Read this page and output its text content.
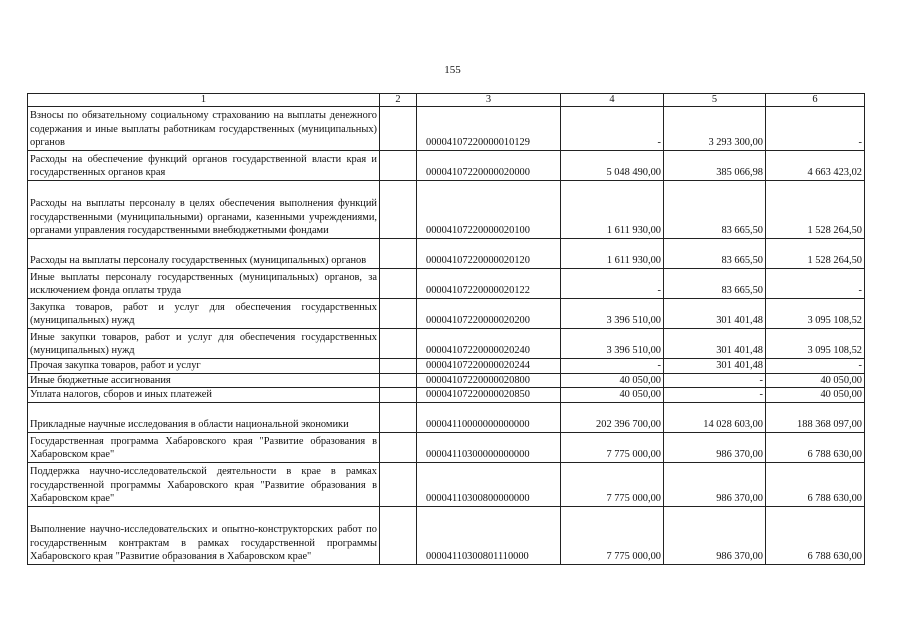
155
1	2	3	4	5	6
Взносы по обязательному социальному страхованию на выплаты денежного содержания и иные выплаты работникам государственных (муниципальных) органов		00004107220000010129	-	3 293 300,00	-
Расходы на обеспечение функций органов государственной власти края и государственных органов края		00004107220000020000	5 048 490,00	385 066,98	4 663 423,02
Расходы на выплаты персоналу в целях обеспечения выполнения функций государственными (муниципальными) органами, казенными учреждениями, органами управления государственными внебюджетными фондами		00004107220000020100	1 611 930,00	83 665,50	1 528 264,50
Расходы на выплаты персоналу государственных (муниципальных) органов		00004107220000020120	1 611 930,00	83 665,50	1 528 264,50
Иные выплаты персоналу государственных (муниципальных) органов, за исключением фонда оплаты труда		00004107220000020122	-	83 665,50	-
Закупка товаров, работ и услуг для обеспечения государственных (муниципальных) нужд		00004107220000020200	3 396 510,00	301 401,48	3 095 108,52
Иные закупки товаров, работ и услуг для обеспечения государственных (муниципальных) нужд		00004107220000020240	3 396 510,00	301 401,48	3 095 108,52
Прочая закупка товаров, работ и услуг		00004107220000020244	-	301 401,48	-
Иные бюджетные ассигнования		00004107220000020800	40 050,00	-	40 050,00
Уплата налогов, сборов и иных платежей		00004107220000020850	40 050,00	-	40 050,00
Прикладные научные исследования в области национальной экономики		00004110000000000000	202 396 700,00	14 028 603,00	188 368 097,00
Государственная программа Хабаровского края "Развитие образования в Хабаровском крае"		00004110300000000000	7 775 000,00	986 370,00	6 788 630,00
Поддержка научно-исследовательской деятельности в крае в рамках государственной программы Хабаровского края "Развитие образования в Хабаровском крае"		00004110300800000000	7 775 000,00	986 370,00	6 788 630,00
Выполнение научно-исследовательских и опытно-конструкторских работ по государственным контрактам в рамках государственной программы Хабаровского края "Развитие образования в Хабаровском крае"		00004110300801110000	7 775 000,00	986 370,00	6 788 630,00
